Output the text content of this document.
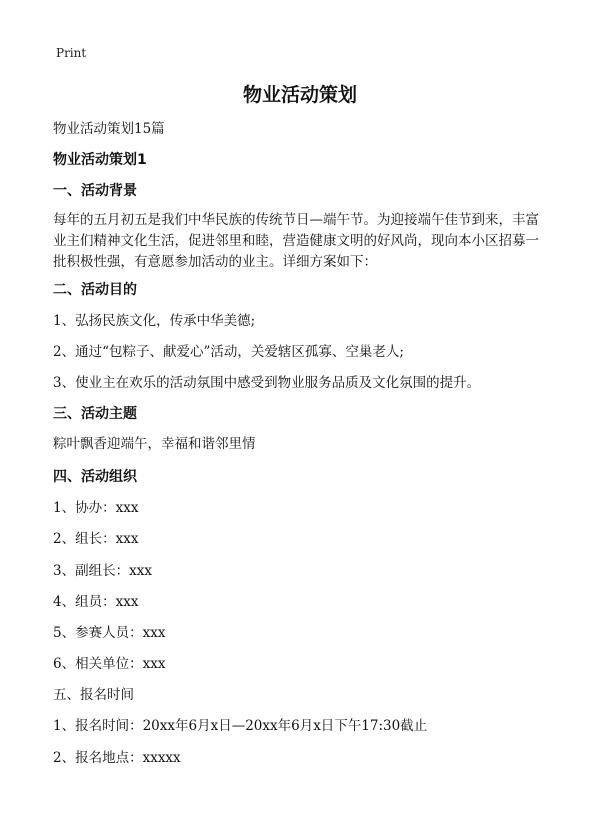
Print
物业活动策划
物业活动策划15篇
物业活动策划1
一、活动背景
每年的五月初五是我们中华民族的传统节日—端午节。为迎接端午佳节到来，丰富业主们精神文化生活，促进邻里和睦，营造健康文明的好风尚，现向本小区招募一批积极性强，有意愿参加活动的业主。详细方案如下：
二、活动目的
1、弘扬民族文化，传承中华美德;
2、通过“包粽子、献爱心”活动，关爱辖区孤寡、空巢老人;
3、使业主在欢乐的活动氛围中感受到物业服务品质及文化氛围的提升。
三、活动主题
粽叶飘香迎端午，幸福和谐邻里情
四、活动组织
1、协办：xxx
2、组长：xxx
3、副组长：xxx
4、组员：xxx
5、参赛人员：xxx
6、相关单位：xxx
五、报名时间
1、报名时间：20xx年6月x日—20xx年6月x日下午17:30截止
2、报名地点：xxxxx
